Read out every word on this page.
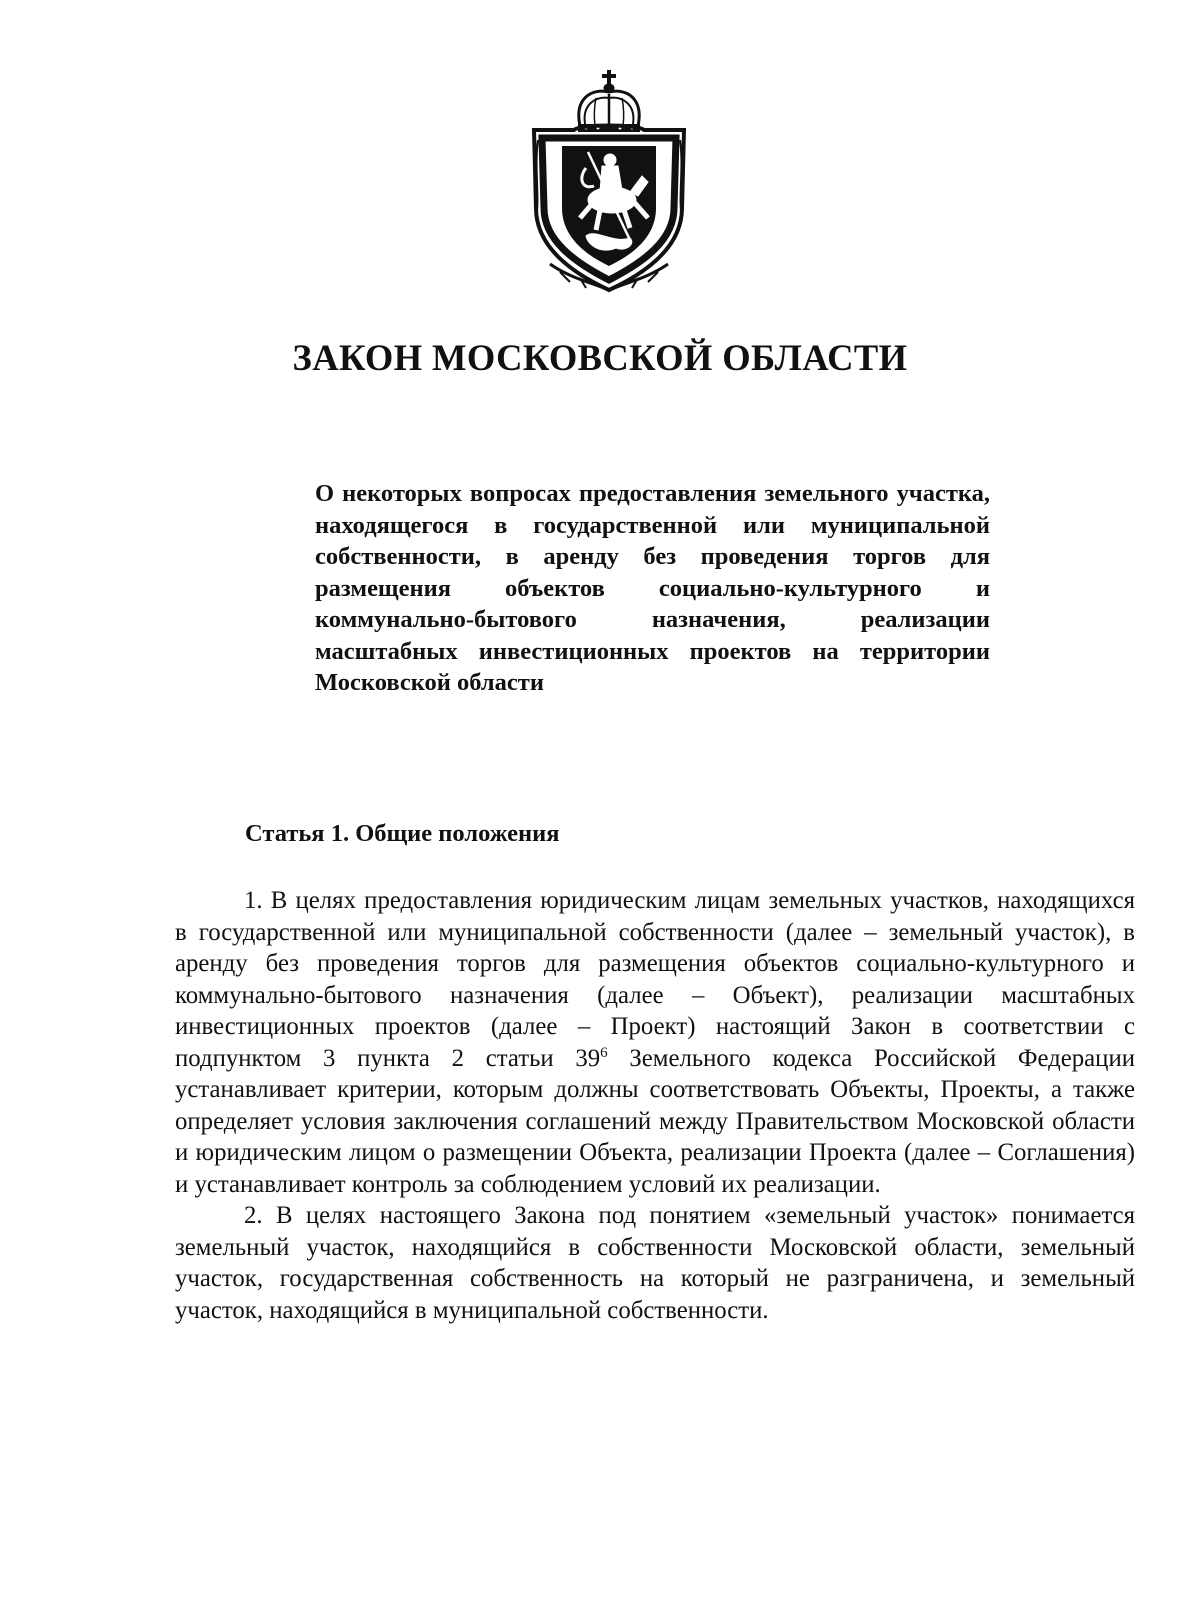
ЗАКОН МОСКОВСКОЙ ОБЛАСТИ

О некоторых вопросах предоставления земельного участка, находящегося в государственной или муниципальной собственности, в аренду без проведения торгов для размещения объектов социально-культурного и коммунально-бытового назначения, реализации масштабных инвестиционных проектов на территории Московской области

Статья 1. Общие положения

1. В целях предоставления юридическим лицам земельных участков, находящихся в государственной или муниципальной собственности (далее – земельный участок), в аренду без проведения торгов для размещения объектов социально-культурного и коммунально-бытового назначения (далее – Объект), реализации масштабных инвестиционных проектов (далее – Проект) настоящий Закон в соответствии с подпунктом 3 пункта 2 статьи $39^6$ Земельного кодекса Российской Федерации устанавливает критерии, которым должны соответствовать Объекты, Проекты, а также определяет условия заключения соглашений между Правительством Московской области и юридическим лицом о размещении Объекта, реализации Проекта (далее – Соглашения) и устанавливает контроль за соблюдением условий их реализации.

2. В целях настоящего Закона под понятием «земельный участок» понимается земельный участок, находящийся в собственности Московской области, земельный участок, государственная собственность на который не разграничена, и земельный участок, находящийся в муниципальной собственности.
